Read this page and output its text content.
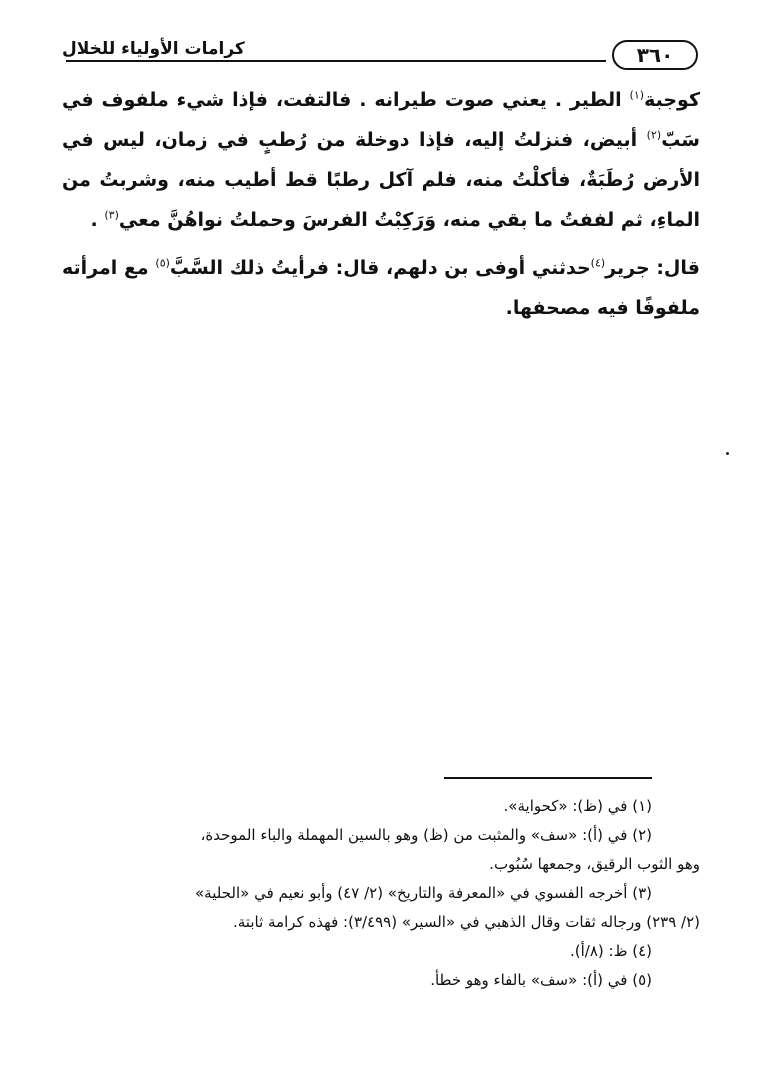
كرامات الأولياء للخلال	٣٦٠

كوجبة$^{(١)}$ الطير . يعني صوت طيرانه . فالتفت، فإذا شيء ملفوف في سَبّ$^{(٢)}$ أبيض، فنزلتُ إليه، فإذا دوخلة من رُطبٍ في زمان، ليس في الأرض رُطَبَةٌ، فأكلْتُ منه، فلم آكل رطبًا قط أطيب منه، وشربتُ من الماءِ، ثم لففتُ ما بقي منه، وَرَكِبْتُ الفرسَ وحملتُ نواهُنَّ معي$^{(٣)}$ .

قال: جرير$^{(٤)}$حدثني أوفى بن دلهم، قال: فرأيتُ ذلك السَّبَّ$^{(٥)}$ مع امرأته ملفوفًا فيه مصحفها.

(١) في (ظ): «كحواية».

(٢) في (أ): «سف» والمثبت من (ظ) وهو بالسين المهملة والباء الموحدة،

وهو الثوب الرقيق، وجمعها سُبُوب.

(٣) أخرجه الفسوي في «المعرفة والتاريخ» (٢/ ٤٧) وأبو نعيم في «الحلية»

(٢/ ٢٣٩) ورجاله ثقات وقال الذهبي في «السير» (٣/٤٩٩): فهذه كرامة ثابتة.

(٤) ظ: (٨/أ).

(٥) في (أ): «سف» بالفاء وهو خطأ.
